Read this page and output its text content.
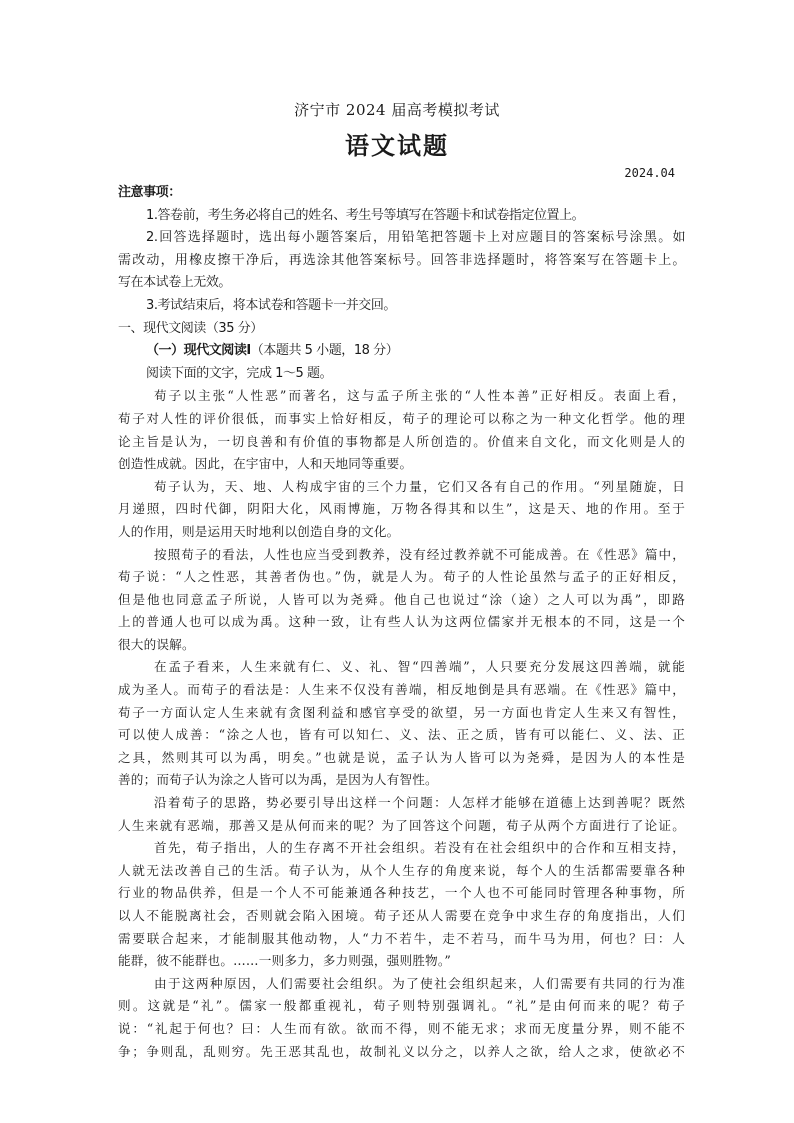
济宁市 2024 届高考模拟考试
语文试题
2024.04
注意事项：
1.答卷前，考生务必将自己的姓名、考生号等填写在答题卡和试卷指定位置上。
2.回答选择题时，选出每小题答案后，用铅笔把答题卡上对应题目的答案标号涂黑。如
需改动，用橡皮擦干净后，再选涂其他答案标号。回答非选择题时，将答案写在答题卡上。
写在本试卷上无效。
3.考试结束后，将本试卷和答题卡一并交回。
一、现代文阅读（35 分）
（一）现代文阅读Ⅰ（本题共 5 小题，18 分）
阅读下面的文字，完成 1～5 题。
荀子以主张“人性恶”而著名，这与孟子所主张的“人性本善”正好相反。表面上看，
荀子对人性的评价很低，而事实上恰好相反，荀子的理论可以称之为一种文化哲学。他的理
论主旨是认为，一切良善和有价值的事物都是人所创造的。价值来自文化，而文化则是人的
创造性成就。因此，在宇宙中，人和天地同等重要。
荀子认为，天、地、人构成宇宙的三个力量，它们又各有自己的作用。“列星随旋，日
月递照，四时代御，阴阳大化，风雨博施，万物各得其和以生”，这是天、地的作用。至于
人的作用，则是运用天时地利以创造自身的文化。
按照荀子的看法，人性也应当受到教养，没有经过教养就不可能成善。在《性恶》篇中，
荀子说：“人之性恶，其善者伪也。”伪，就是人为。荀子的人性论虽然与孟子的正好相反，
但是他也同意孟子所说，人皆可以为尧舜。他自己也说过“涂（途）之人可以为禹”，即路
上的普通人也可以成为禹。这种一致，让有些人认为这两位儒家并无根本的不同，这是一个
很大的误解。
在孟子看来，人生来就有仁、义、礼、智“四善端”，人只要充分发展这四善端，就能
成为圣人。而荀子的看法是：人生来不仅没有善端，相反地倒是具有恶端。在《性恶》篇中，
荀子一方面认定人生来就有贪图利益和感官享受的欲望，另一方面也肯定人生来又有智性，
可以使人成善：“涂之人也，皆有可以知仁、义、法、正之质，皆有可以能仁、义、法、正
之具，然则其可以为禹，明矣。”也就是说，孟子认为人皆可以为尧舜，是因为人的本性是
善的；而荀子认为涂之人皆可以为禹，是因为人有智性。
沿着荀子的思路，势必要引导出这样一个问题：人怎样才能够在道德上达到善呢？既然
人生来就有恶端，那善又是从何而来的呢？为了回答这个问题，荀子从两个方面进行了论证。
首先，荀子指出，人的生存离不开社会组织。若没有在社会组织中的合作和互相支持，
人就无法改善自己的生活。荀子认为，从个人生存的角度来说，每个人的生活都需要靠各种
行业的物品供养，但是一个人不可能兼通各种技艺，一个人也不可能同时管理各种事物，所
以人不能脱离社会，否则就会陷入困境。荀子还从人需要在竞争中求生存的角度指出，人们
需要联合起来，才能制服其他动物，人“力不若牛，走不若马，而牛马为用，何也？曰：人
能群，彼不能群也。……一则多力，多力则强，强则胜物。”
由于这两种原因，人们需要社会组织。为了使社会组织起来，人们需要有共同的行为准
则。这就是“礼”。儒家一般都重视礼，荀子则特别强调礼。“礼”是由何而来的呢？荀子
说：“礼起于何也？曰：人生而有欲。欲而不得，则不能无求；求而无度量分界，则不能不
争；争则乱，乱则穷。先王恶其乱也，故制礼义以分之，以养人之欲，给人之求，使欲必不
